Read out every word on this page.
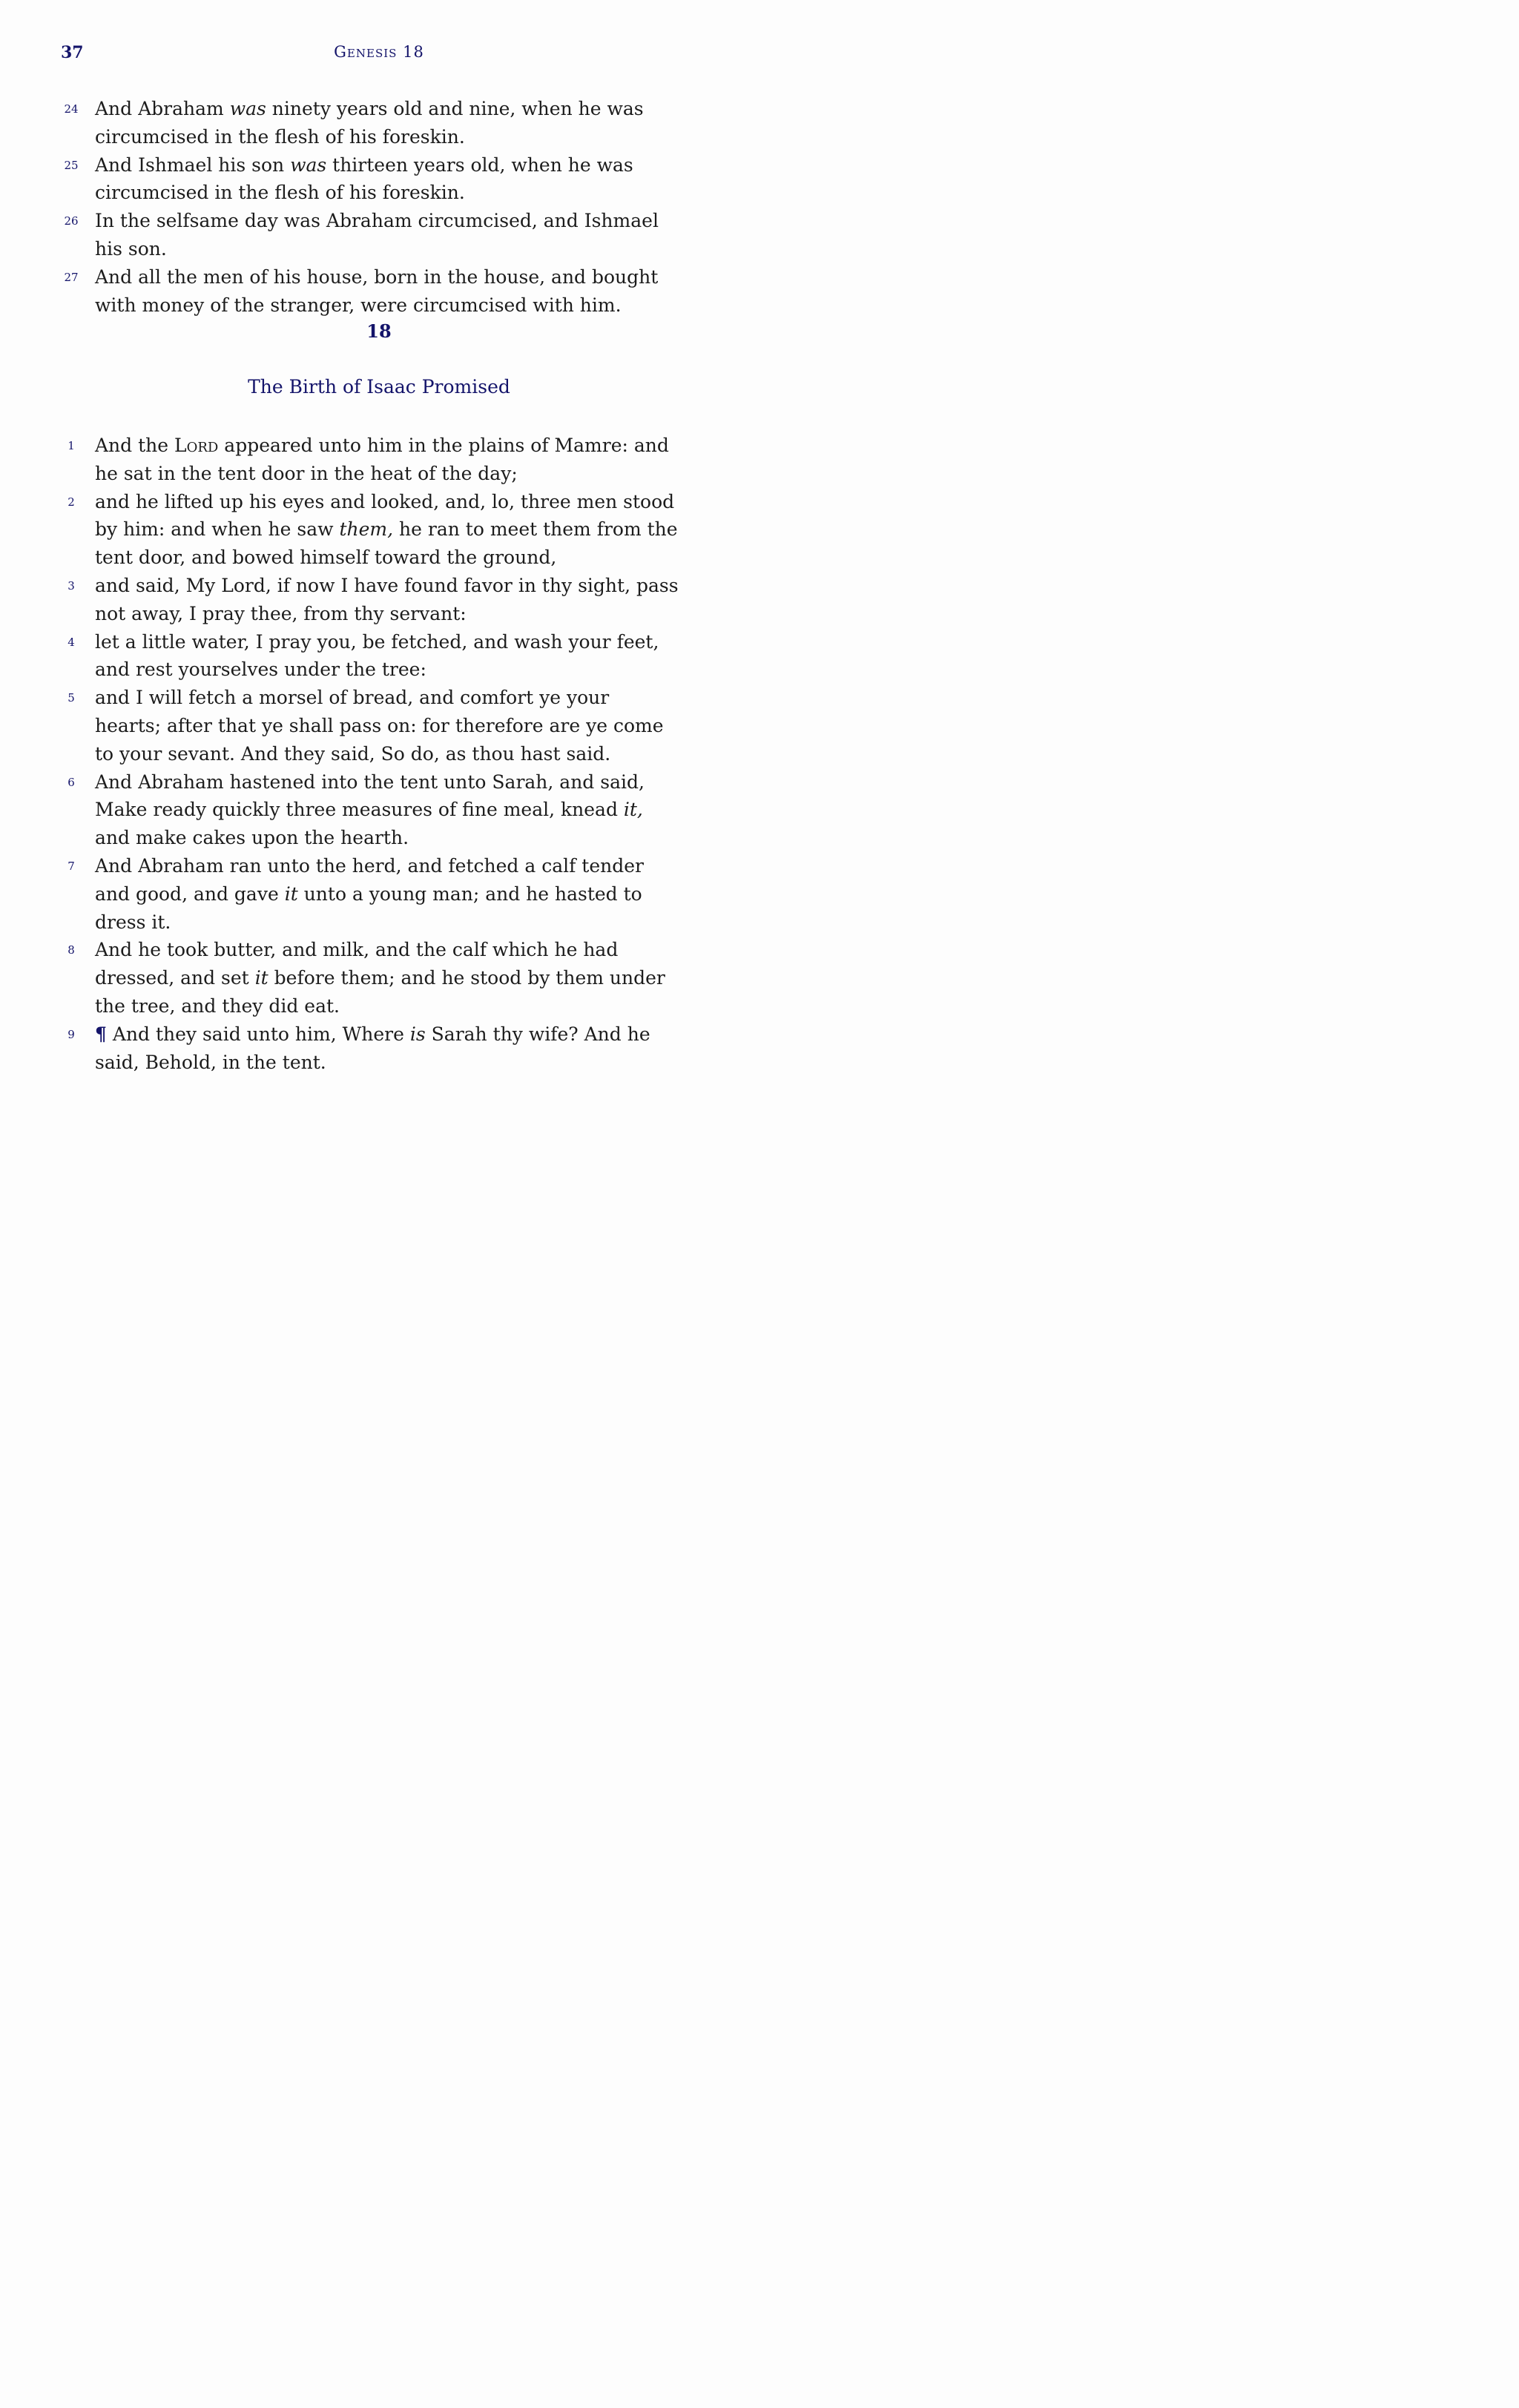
37	Genesis 18
24 And Abraham was ninety years old and nine, when he was circumcised in the flesh of his foreskin.
25 And Ishmael his son was thirteen years old, when he was circumcised in the flesh of his foreskin.
26 In the selfsame day was Abraham circumcised, and Ishmael his son.
27 And all the men of his house, born in the house, and bought with money of the stranger, were circumcised with him.
18
The Birth of Isaac Promised
1 And the Lord appeared unto him in the plains of Mamre: and he sat in the tent door in the heat of the day;
2 and he lifted up his eyes and looked, and, lo, three men stood by him: and when he saw them, he ran to meet them from the tent door, and bowed himself toward the ground,
3 and said, My Lord, if now I have found favor in thy sight, pass not away, I pray thee, from thy servant:
4 let a little water, I pray you, be fetched, and wash your feet, and rest yourselves under the tree:
5 and I will fetch a morsel of bread, and comfort ye your hearts; after that ye shall pass on: for therefore are ye come to your sevant. And they said, So do, as thou hast said.
6 And Abraham hastened into the tent unto Sarah, and said, Make ready quickly three measures of fine meal, knead it, and make cakes upon the hearth.
7 And Abraham ran unto the herd, and fetched a calf tender and good, and gave it unto a young man; and he hasted to dress it.
8 And he took butter, and milk, and the calf which he had dressed, and set it before them; and he stood by them under the tree, and they did eat.
9 ¶ And they said unto him, Where is Sarah thy wife? And he said, Behold, in the tent.
